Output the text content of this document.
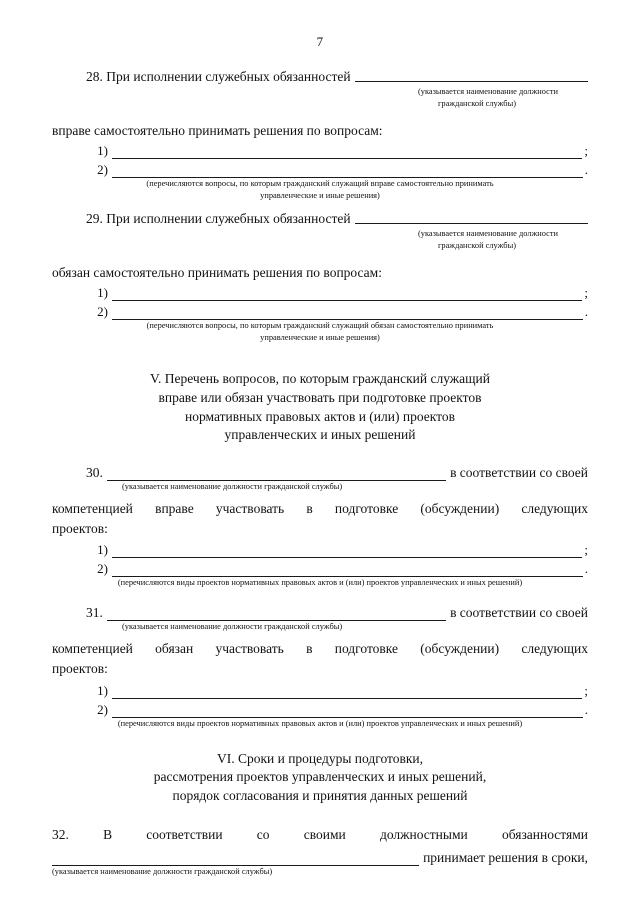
7
28. При исполнении служебных обязанностей
(указывается наименование должности
гражданской службы)
вправе самостоятельно принимать решения по вопросам:
1)	;
2)	.
(перечисляются вопросы, по которым гражданский служащий вправе самостоятельно принимать
управленческие и иные решения)
29. При исполнении служебных обязанностей
(указывается наименование должности
гражданской службы)
обязан самостоятельно принимать решения по вопросам:
1)	;
2)	.
(перечисляются вопросы, по которым гражданский служащий обязан самостоятельно принимать
управленческие и иные решения)
V. Перечень вопросов, по которым гражданский служащий
вправе или обязан участвовать при подготовке проектов
нормативных правовых актов и (или) проектов
управленческих и иных решений
30.	в соответствии со своей
(указывается наименование должности гражданской службы)
компетенцией вправе участвовать в подготовке (обсуждении) следующих
проектов:
1)	;
2)	.
(перечисляются виды проектов нормативных правовых актов и (или) проектов управленческих и иных решений)
31.	в соответствии со своей
(указывается наименование должности гражданской службы)
компетенцией обязан участвовать в подготовке (обсуждении) следующих
проектов:
1)	;
2)	.
(перечисляются виды проектов нормативных правовых актов и (или) проектов управленческих и иных решений)
VI. Сроки и процедуры подготовки,
рассмотрения проектов управленческих и иных решений,
порядок согласования и принятия данных решений
32. В соответствии со своими должностными обязанностями
принимает решения в сроки,
(указывается наименование должности гражданской службы)
